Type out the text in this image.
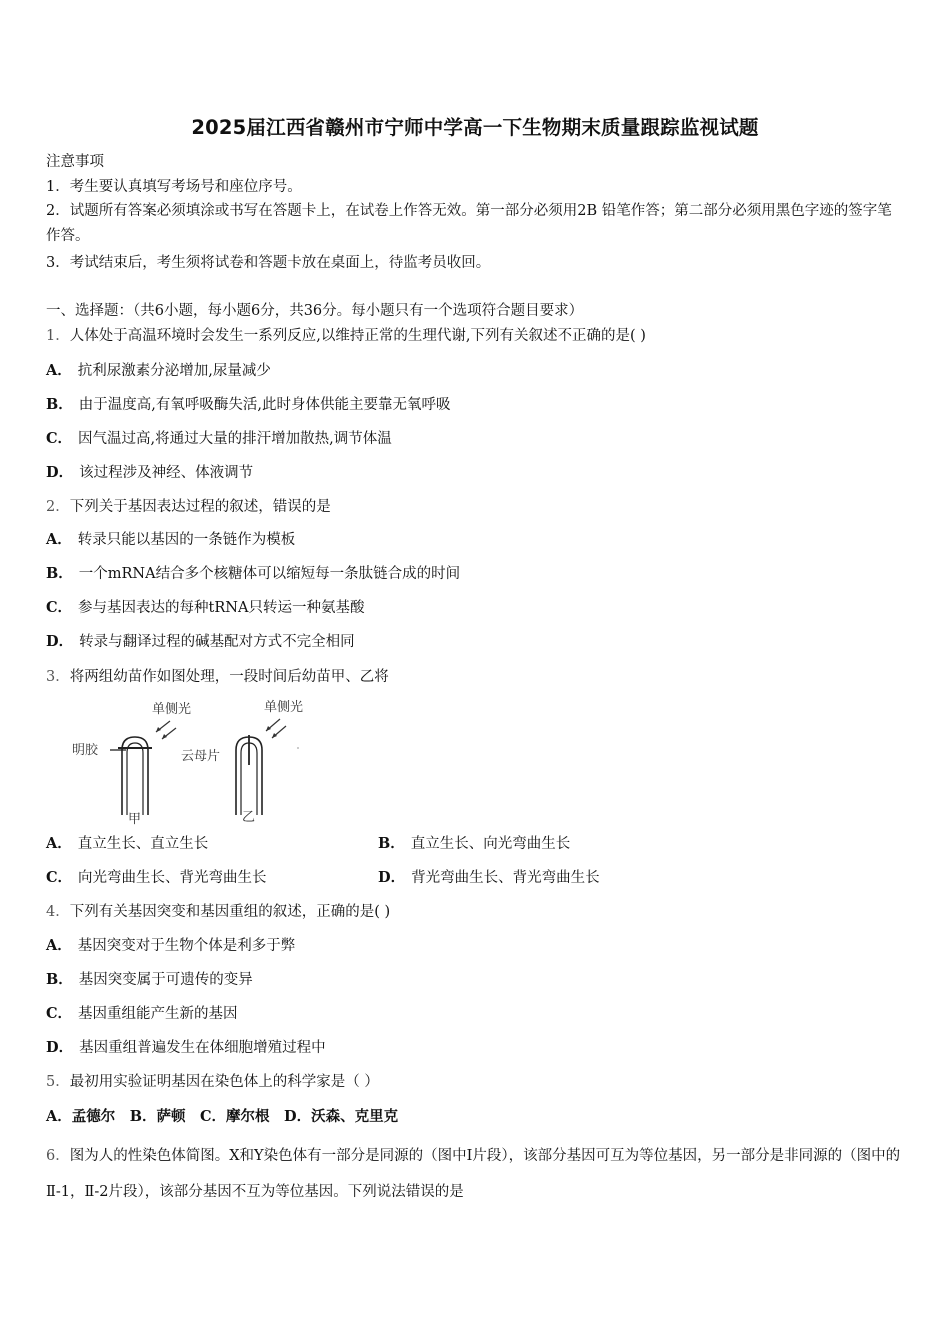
2025届江西省赣州市宁师中学高一下生物期末质量跟踪监视试题
注意事项
1．考生要认真填写考场号和座位序号。
2．试题所有答案必须填涂或书写在答题卡上，在试卷上作答无效。第一部分必须用2B 铅笔作答；第二部分必须用黑色字迹的签字笔作答。
3．考试结束后，考生须将试卷和答题卡放在桌面上，待监考员收回。
一、选择题：（共6小题，每小题6分，共36分。每小题只有一个选项符合题目要求）
1．人体处于高温环境时会发生一系列反应,以维持正常的生理代谢,下列有关叙述不正确的是( )
A． 抗利尿激素分泌增加,尿量减少
B． 由于温度高,有氧呼吸酶失活,此时身体供能主要靠无氧呼吸
C． 因气温过高,将通过大量的排汗增加散热,调节体温
D． 该过程涉及神经、体液调节
2．下列关于基因表达过程的叙述，错误的是
A． 转录只能以基因的一条链作为模板
B． 一个mRNA结合多个核糖体可以缩短每一条肽链合成的时间
C． 参与基因表达的每种tRNA只转运一种氨基酸
D． 转录与翻译过程的碱基配对方式不完全相同
3．将两组幼苗作如图处理，一段时间后幼苗甲、乙将
单侧光
明胶
甲
单侧光
云母片
乙
A． 直立生长、直立生长	B． 直立生长、向光弯曲生长
C． 向光弯曲生长、背光弯曲生长	D． 背光弯曲生长、背光弯曲生长
4．下列有关基因突变和基因重组的叙述，正确的是( )
A． 基因突变对于生物个体是利多于弊
B． 基因突变属于可遗传的变异
C． 基因重组能产生新的基因
D． 基因重组普遍发生在体细胞增殖过程中
5．最初用实验证明基因在染色体上的科学家是（ ）
A．孟德尔　B．萨顿　C．摩尔根　D．沃森、克里克
6．图为人的性染色体简图。X和Y染色体有一部分是同源的（图中I片段），该部分基因可互为等位基因，另一部分是非同源的（图中的Ⅱ-1，Ⅱ-2片段），该部分基因不互为等位基因。下列说法错误的是
